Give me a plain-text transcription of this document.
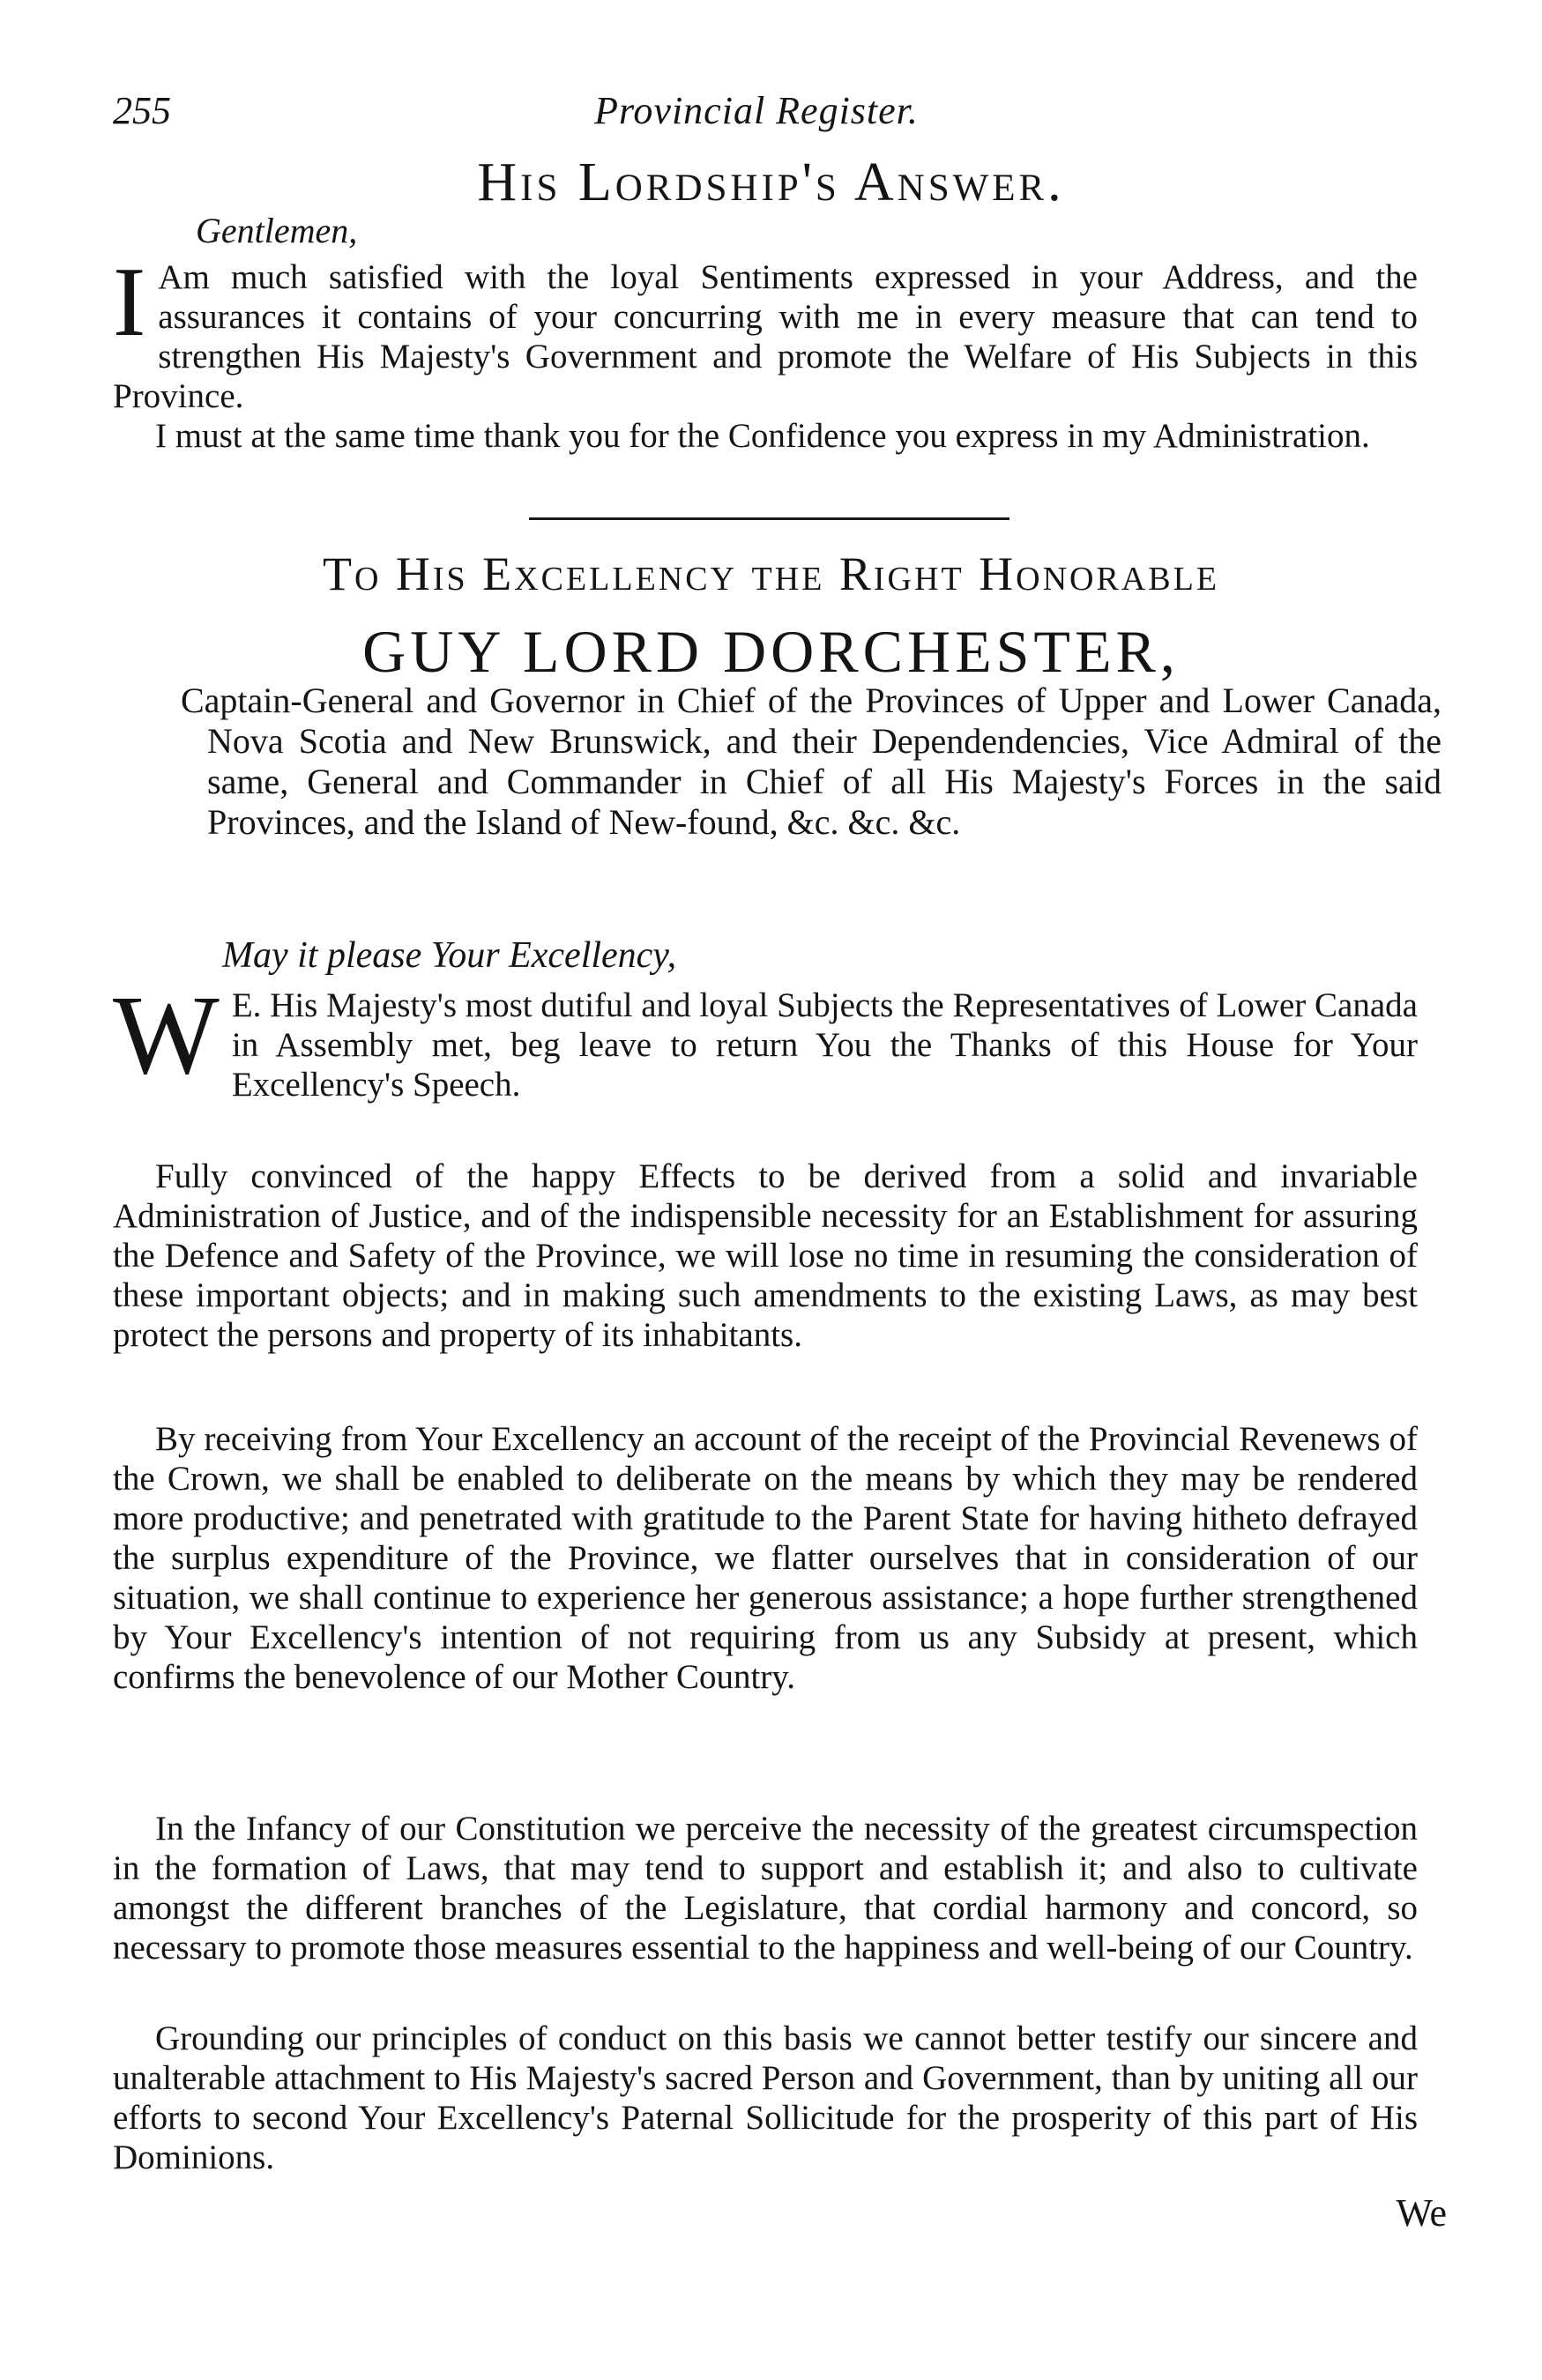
255	Provincial Register.
His Lordship's Answer.
Gentlemen,
I Am much satisfied with the loyal Sentiments expressed in your Address, and the assurances it contains of your concurring with me in every measure that can tend to strengthen His Majesty's Government and promote the Welfare of His Subjects in this Province.
I must at the same time thank you for the Confidence you express in my Administration.
To His Excellency the Right Honorable
GUY LORD DORCHESTER,
Captain-General and Governor in Chief of the Provinces of Upper and Lower Canada, Nova Scotia and New Brunswick, and their Dependendencies, Vice Admiral of the same, General and Commander in Chief of all His Majesty's Forces in the said Provinces, and the Island of New-found, &c. &c. &c.
May it please Your Excellency,
W E. His Majesty's most dutiful and loyal Subjects the Representatives of Lower Canada in Assembly met, beg leave to return You the Thanks of this House for Your Excellency's Speech.
Fully convinced of the happy Effects to be derived from a solid and invariable Administration of Justice, and of the indispensible necessity for an Establishment for assuring the Defence and Safety of the Province, we will lose no time in resuming the consideration of these important objects; and in making such amendments to the existing Laws, as may best protect the persons and property of its inhabitants.
By receiving from Your Excellency an account of the receipt of the Provincial Revenews of the Crown, we shall be enabled to deliberate on the means by which they may be rendered more productive; and penetrated with gratitude to the Parent State for having hitheto defrayed the surplus expenditure of the Province, we flatter ourselves that in consideration of our situation, we shall continue to experience her generous assistance; a hope further strengthened by Your Excellency's intention of not requiring from us any Subsidy at present, which confirms the benevolence of our Mother Country.
In the Infancy of our Constitution we perceive the necessity of the greatest circumspection in the formation of Laws, that may tend to support and establish it; and also to cultivate amongst the different branches of the Legislature, that cordial harmony and concord, so necessary to promote those measures essential to the happiness and well-being of our Country.
Grounding our principles of conduct on this basis we cannot better testify our sincere and unalterable attachment to His Majesty's sacred Person and Government, than by uniting all our efforts to second Your Excellency's Paternal Sollicitude for the prosperity of this part of His Dominions.
We
